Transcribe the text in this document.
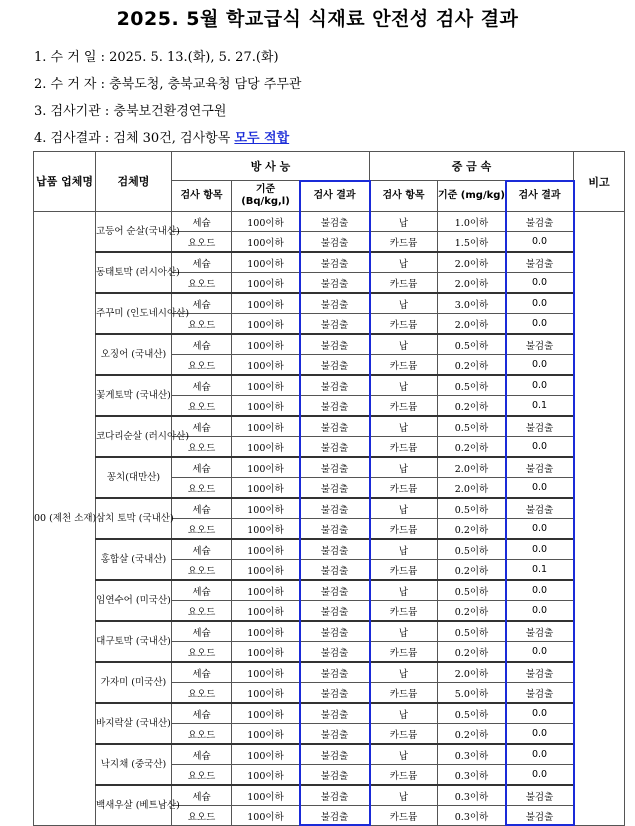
2025. 5월 학교급식 식재료 안전성 검사 결과
1. 수 거 일 : 2025. 5. 13.(화), 5. 27.(화)
2. 수 거 자 : 충북도청, 충북교육청 담당 주무관
3. 검사기관 : 충북보건환경연구원
4. 검사결과 : 검체 30건, 검사항목 모두 적합
납품 업체명	검체명	방 사 능			중 금 속			비고
		검사 항목	기준 (Bq/kg,l)	검사 결과	검사 항목	기준 (mg/kg)	검사 결과	
00 (제천 소재)	고등어 순살(국내산)	세슘	100이하	불검출	납	1.0이하	불검출	
		요오드	100이하	불검출	카드뮴	1.5이하	0.0	
	동태토막 (러시아산)	세슘	100이하	불검출	납	2.0이하	불검출	
		요오드	100이하	불검출	카드뮴	2.0이하	0.0	
	주꾸미 (인도네시아산)	세슘	100이하	불검출	납	3.0이하	0.0	
		요오드	100이하	불검출	카드뮴	2.0이하	0.0	
	오징어 (국내산)	세슘	100이하	불검출	납	0.5이하	불검출	
		요오드	100이하	불검출	카드뮴	0.2이하	0.0	
	꽃게토막 (국내산)	세슘	100이하	불검출	납	0.5이하	0.0	
		요오드	100이하	불검출	카드뮴	0.2이하	0.1	
	코다리순살 (러시아산)	세슘	100이하	불검출	납	0.5이하	불검출	
		요오드	100이하	불검출	카드뮴	0.2이하	0.0	
	꽁치(대만산)	세슘	100이하	불검출	납	2.0이하	불검출	
		요오드	100이하	불검출	카드뮴	2.0이하	0.0	
	삼치 토막 (국내산)	세슘	100이하	불검출	납	0.5이하	불검출	
		요오드	100이하	불검출	카드뮴	0.2이하	0.0	
	홍합살 (국내산)	세슘	100이하	불검출	납	0.5이하	0.0	
		요오드	100이하	불검출	카드뮴	0.2이하	0.1	
	임연수어 (미국산)	세슘	100이하	불검출	납	0.5이하	0.0	
		요오드	100이하	불검출	카드뮴	0.2이하	0.0	
	대구토막 (국내산)	세슘	100이하	불검출	납	0.5이하	불검출	
		요오드	100이하	불검출	카드뮴	0.2이하	0.0	
	가자미 (미국산)	세슘	100이하	불검출	납	2.0이하	불검출	
		요오드	100이하	불검출	카드뮴	5.0이하	불검출	
	바지락살 (국내산)	세슘	100이하	불검출	납	0.5이하	0.0	
		요오드	100이하	불검출	카드뮴	0.2이하	0.0	
	낙지채 (중국산)	세슘	100이하	불검출	납	0.3이하	0.0	
		요오드	100이하	불검출	카드뮴	0.3이하	0.0	
	백새우살 (베트남산)	세슘	100이하	불검출	납	0.3이하	불검출	
		요오드	100이하	불검출	카드뮴	0.3이하	불검출	
